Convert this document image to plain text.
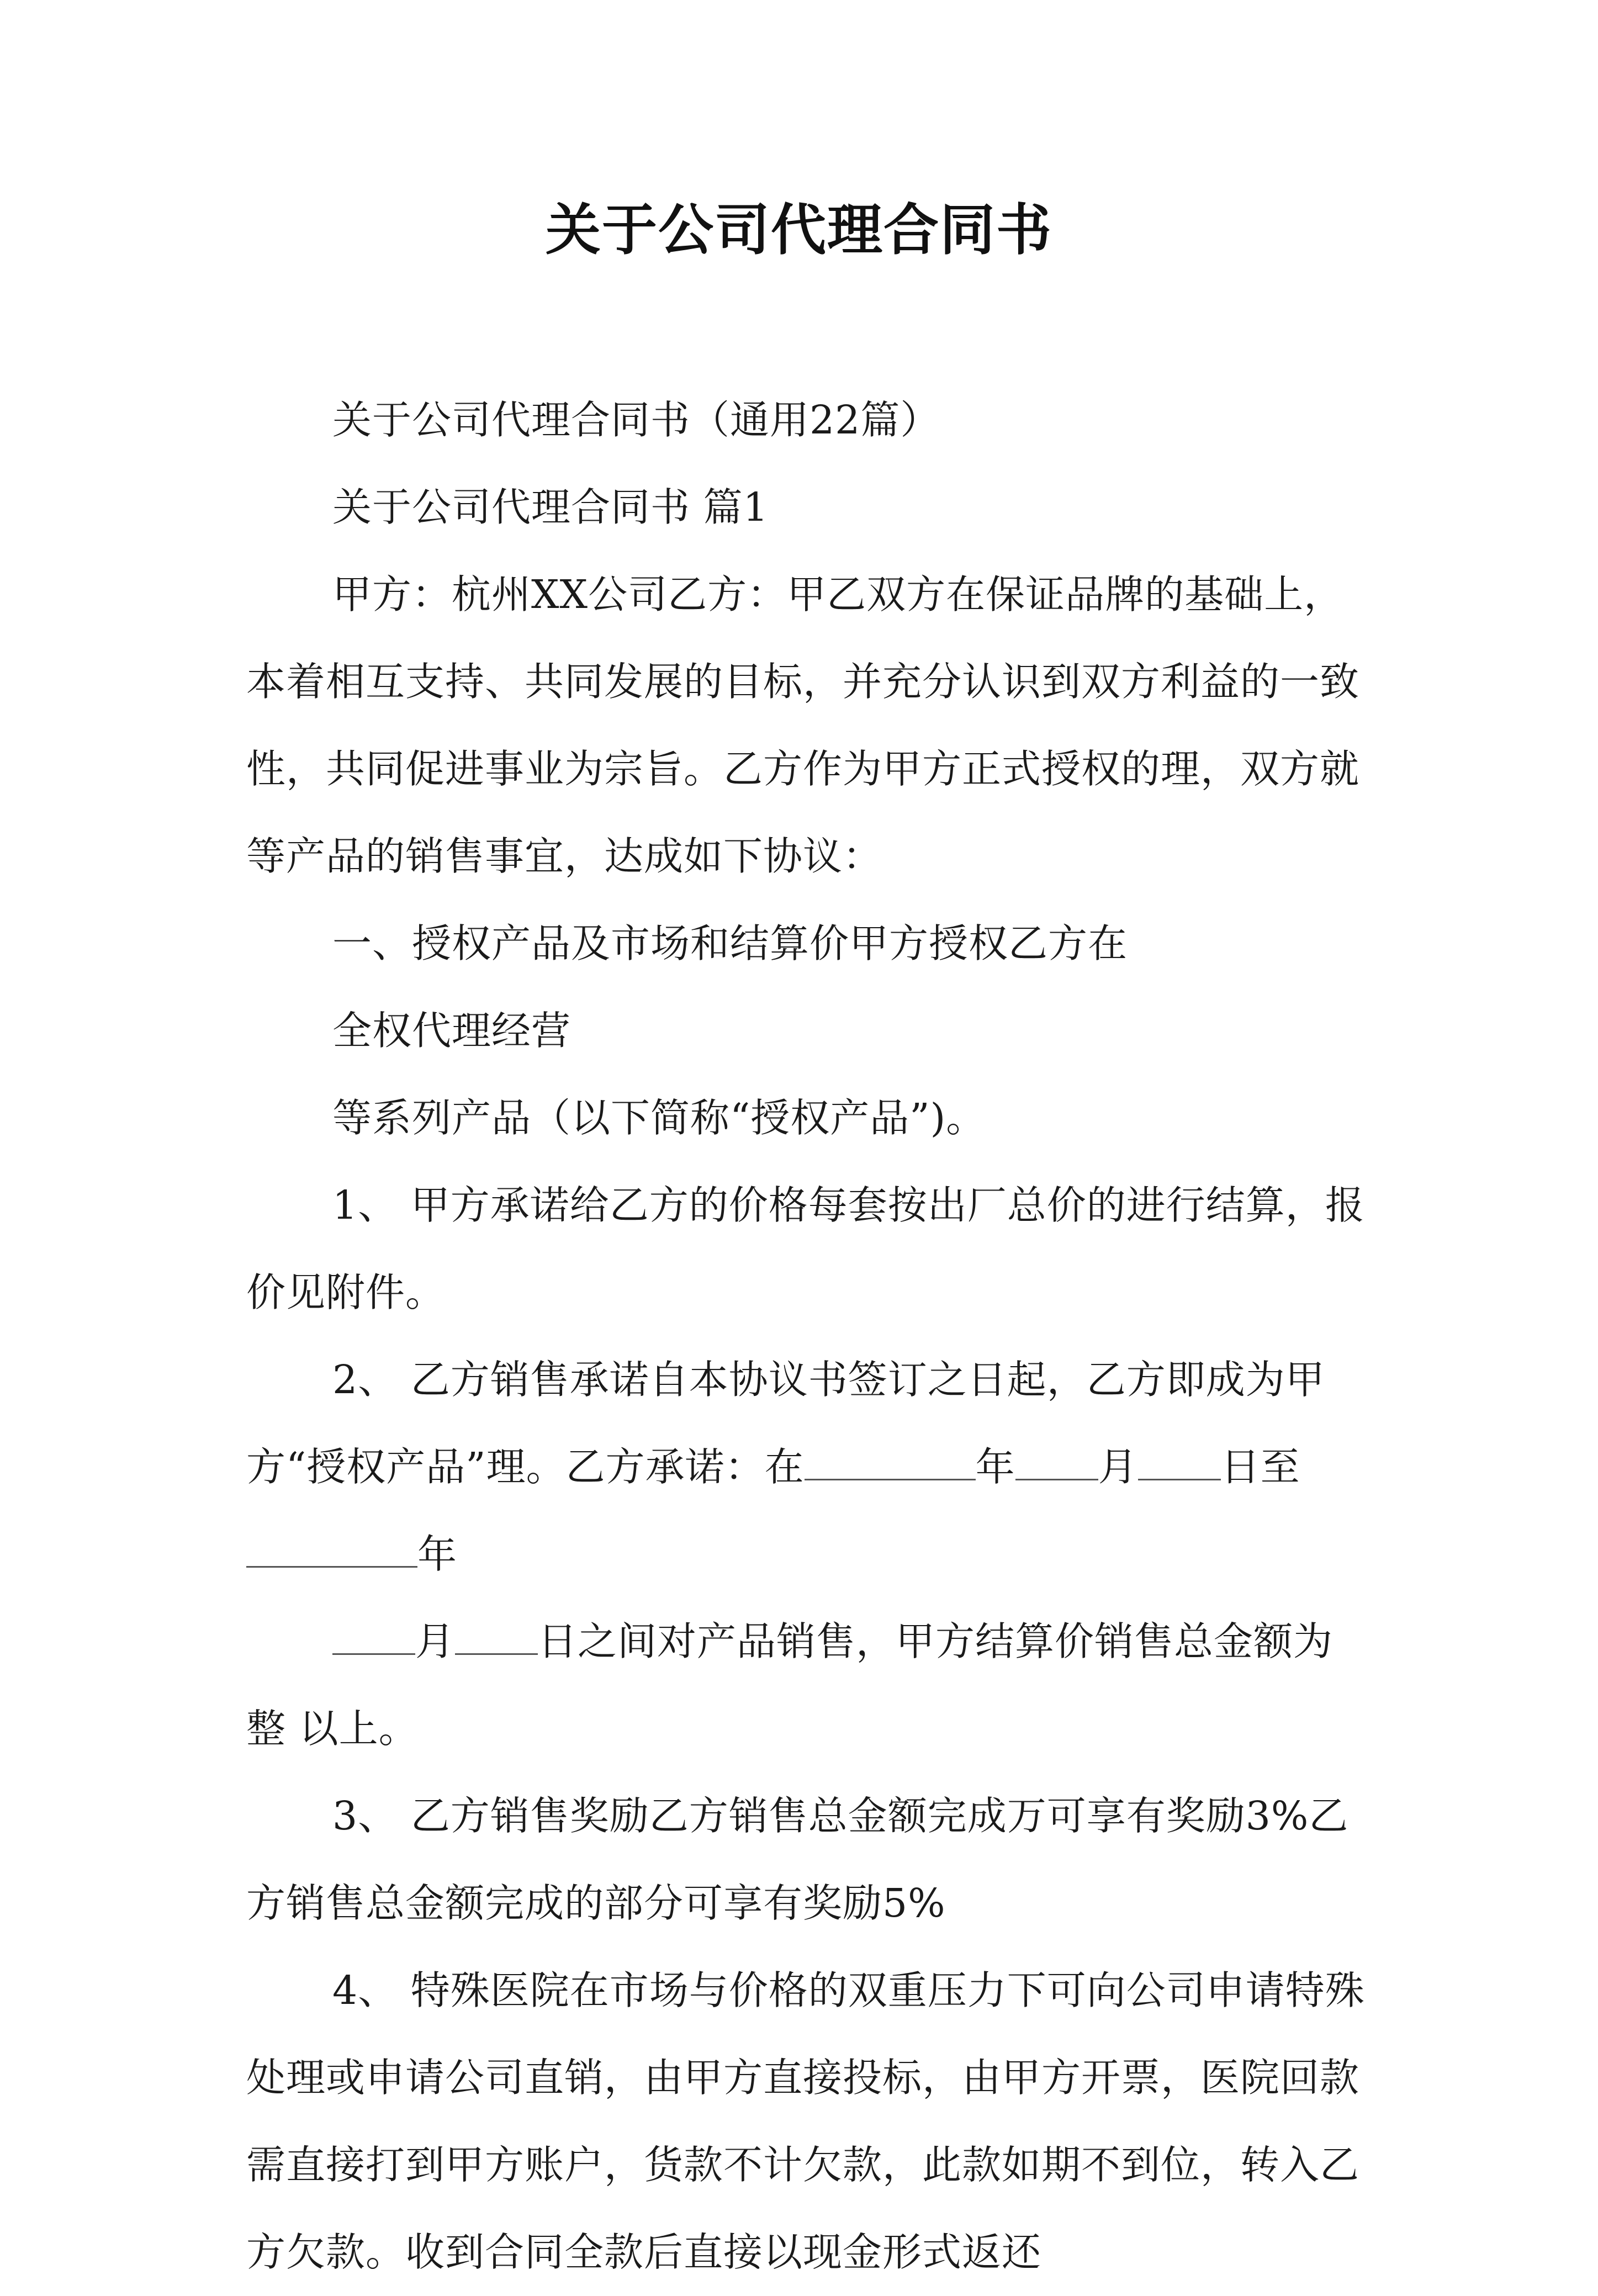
关于公司代理合同书

关于公司代理合同书（通用22篇）

关于公司代理合同书 篇1

甲方：杭州XX公司乙方：甲乙双方在保证品牌的基础上，本着相互支持、共同发展的目标，并充分认识到双方利益的一致性，共同促进事业为宗旨。乙方作为甲方正式授权的理，双方就等产品的销售事宜，达成如下协议：

一、授权产品及市场和结算价甲方授权乙方在

全权代理经营

等系列产品（以下简称“授权产品”)。

1、 甲方承诺给乙方的价格每套按出厂总价的进行结算，报价见附件。

2、 乙方销售承诺自本协议书签订之日起，乙方即成为甲方“授权产品”理。乙方承诺：在	年 月 日至年

月 日之间对产品销售，甲方结算价销售总金额为 整 以上。

3、 乙方销售奖励乙方销售总金额完成万可享有奖励3%乙方销售总金额完成的部分可享有奖励5%

4、 特殊医院在市场与价格的双重压力下可向公司申请特殊处理或申请公司直销，由甲方直接投标，由甲方开票，医院回款需直接打到甲方账户，货款不计欠款，此款如期不到位，转入乙方欠款。收到合同全款后直接以现金形式返还
